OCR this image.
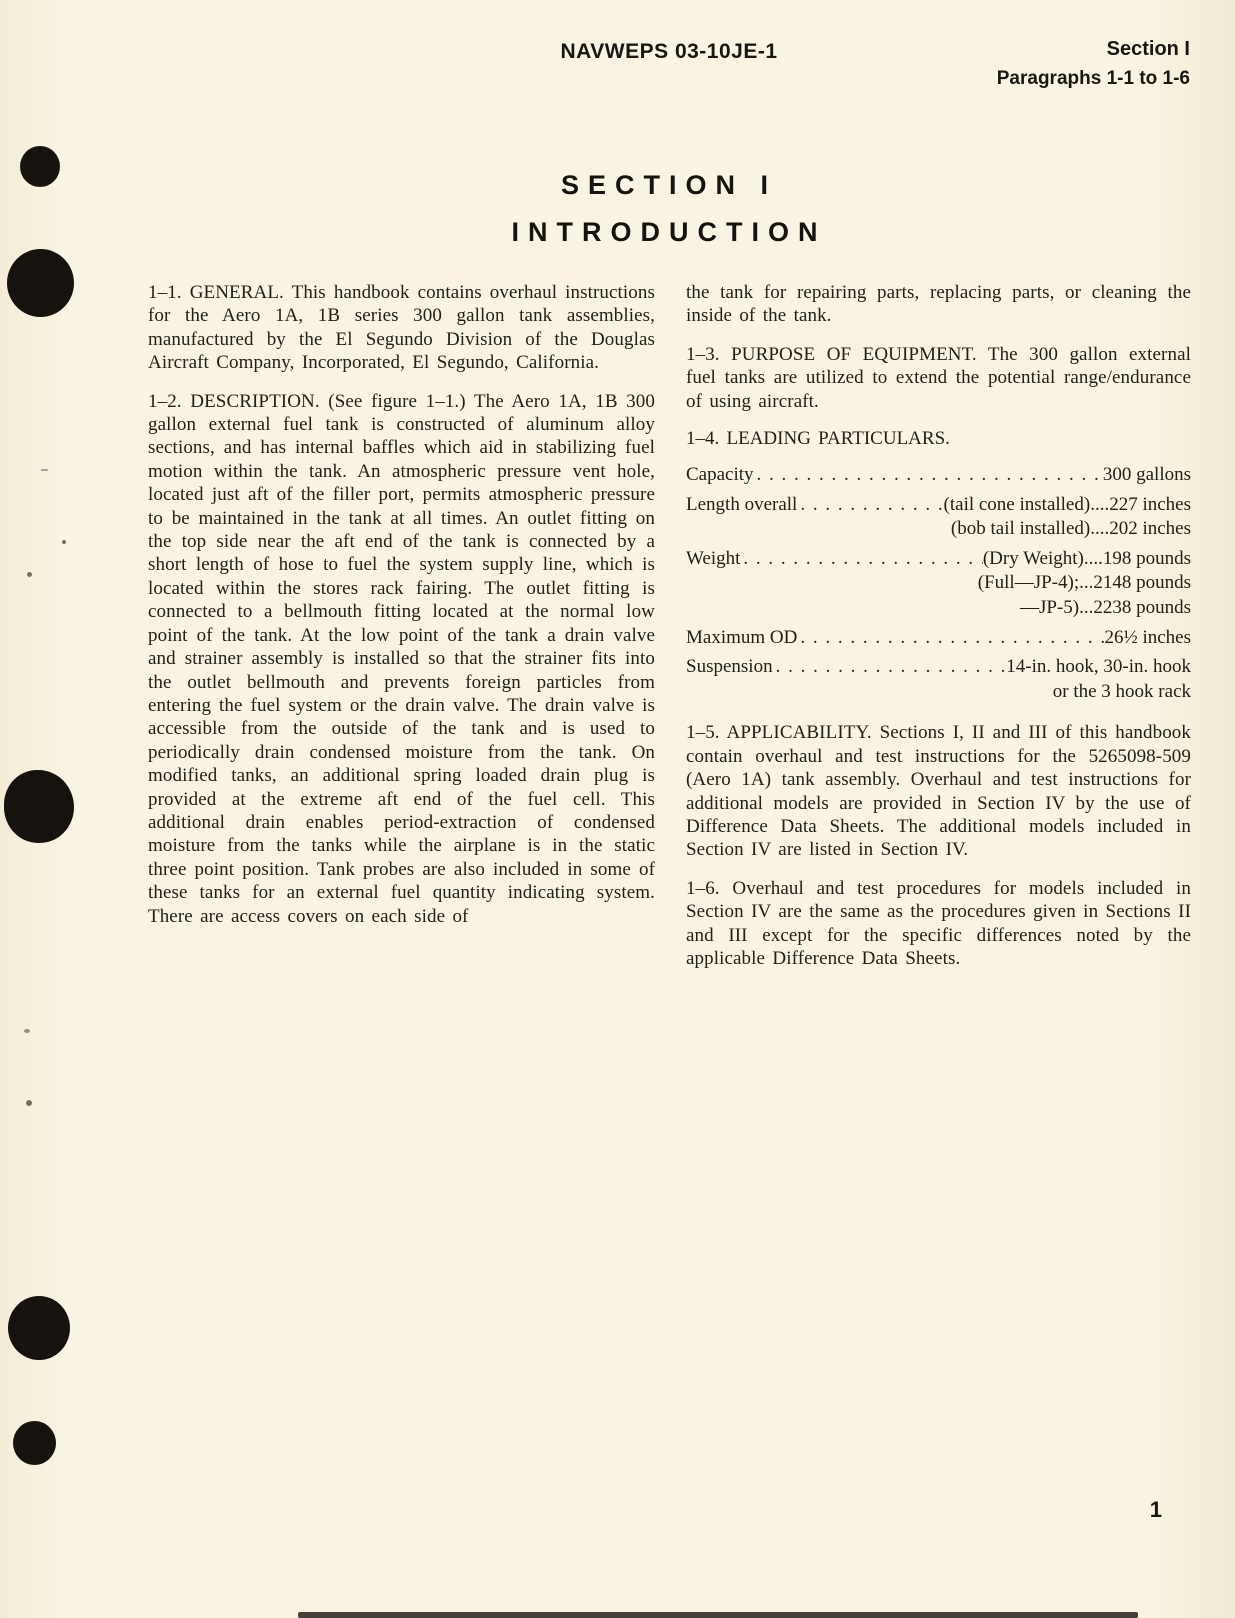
NAVWEPS 03-10JE-1	Section I
Paragraphs 1-1 to 1-6
SECTION I
INTRODUCTION

1–1. GENERAL. This handbook contains overhaul instructions for the Aero 1A, 1B series 300 gallon tank assemblies, manufactured by the El Segundo Division of the Douglas Aircraft Company, Incorporated, El Segundo, California.

1–2. DESCRIPTION. (See figure 1–1.) The Aero 1A, 1B 300 gallon external fuel tank is constructed of aluminum alloy sections, and has internal baffles which aid in stabilizing fuel motion within the tank. An atmospheric pressure vent hole, located just aft of the filler port, permits atmospheric pressure to be maintained in the tank at all times. An outlet fitting on the top side near the aft end of the tank is connected by a short length of hose to fuel the system supply line, which is located within the stores rack fairing. The outlet fitting is connected to a bellmouth fitting located at the normal low point of the tank. At the low point of the tank a drain valve and strainer assembly is installed so that the strainer fits into the outlet bellmouth and prevents foreign particles from entering the fuel system or the drain valve. The drain valve is accessible from the outside of the tank and is used to periodically drain condensed moisture from the tank. On modified tanks, an additional spring loaded drain plug is provided at the extreme aft end of the fuel cell. This additional drain enables period-extraction of condensed moisture from the tanks while the airplane is in the static three point position. Tank probes are also included in some of these tanks for an external fuel quantity indicating system. There are access covers on each side of

the tank for repairing parts, replacing parts, or cleaning the inside of the tank.

1–3. PURPOSE OF EQUIPMENT. The 300 gallon external fuel tanks are utilized to extend the potential range/endurance of using aircraft.

1–4. LEADING PARTICULARS.

Capacity . . .	300 gallons
Length overall . . .	(tail cone installed)....227 inches
(bob tail installed)....202 inches
Weight . . .	(Dry Weight)....198 pounds
(Full—JP-4);...2148 pounds
—JP-5)...2238 pounds
Maximum OD . . .	26½ inches
Suspension . . .	14-in. hook, 30-in. hook
or the 3 hook rack

1–5. APPLICABILITY. Sections I, II and III of this handbook contain overhaul and test instructions for the 5265098-509 (Aero 1A) tank assembly. Overhaul and test instructions for additional models are provided in Section IV by the use of Difference Data Sheets. The additional models included in Section IV are listed in Section IV.

1–6. Overhaul and test procedures for models included in Section IV are the same as the procedures given in Sections II and III except for the specific differences noted by the applicable Difference Data Sheets.

1
